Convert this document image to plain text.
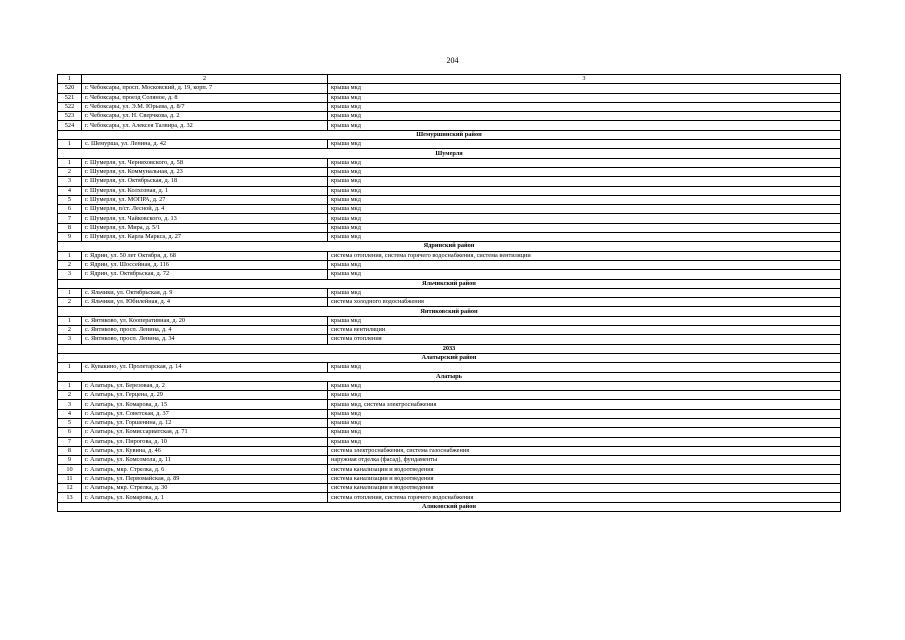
204
1	2	3
520	г. Чебоксары, просп. Московский, д. 19, корп. 7	крыша мкд
521	г. Чебоксары, проезд Соляное, д. 8	крыша мкд
522	г. Чебоксары, ул. Э.М. Юрьева, д. 8/7	крыша мкд
523	г. Чебоксары, ул. Н. Сверчкова, д. 2	крыша мкд
524	г. Чебоксары, ул. Алексея Талвира, д. 32	крыша мкд
Шемуршинский район		
1	с. Шемурша, ул. Ленина, д. 42	крыша мкд
Шумерля		
1	г. Шумерля, ул. Черняховского, д. 58	крыша мкд
2	г. Шумерля, ул. Коммунальная, д. 23	крыша мкд
3	г. Шумерля, ул. Октябрьская, д. 18	крыша мкд
4	г. Шумерля, ул. Колхозная, д. 1	крыша мкд
5	г. Шумерля, ул. МОПРА, д. 27	крыша мкд
6	г. Шумерля, п/ст. Лесной, д. 4	крыша мкд
7	г. Шумерля, ул. Чайковского, д. 13	крыша мкд
8	г. Шумерля, ул. Мира, д. 5/1	крыша мкд
9	г. Шумерля, ул. Карла Маркса, д. 27	крыша мкд
Ядринский район		
1	г. Ядрин, ул. 50 лет Октября, д. 68	система отопления, система горячего водоснабжения, система вентиляции
2	г. Ядрин, ул. Шоссейная, д. 116	крыша мкд
3	г. Ядрин, ул. Октябрьская, д. 72	крыша мкд
Яльчикский район		
1	с. Яльчики, ул. Октябрьская, д. 9	крыша мкд
2	с. Яльчики, ул. Юбилейная, д. 4	система холодного водоснабжения
Янтиковский район		
1	с. Янтиково, ул. Кооперативная, д. 20	крыша мкд
2	с. Янтиково, просп. Ленина, д. 4	система вентиляции
3	с. Янтиково, просп. Ленина, д. 34	система отопления
2033		
Алатырский район		
1	с. Кувакино, ул. Пролетарская, д. 14	крыша мкд
Алатырь		
1	г. Алатырь, ул. Березовая, д. 2	крыша мкд
2	г. Алатырь, ул. Герцена, д. 29	крыша мкд
3	г. Алатырь, ул. Комарова, д. 15	крыша мкд, система электроснабжения
4	г. Алатырь, ул. Советская, д. 37	крыша мкд
5	г. Алатырь, ул. Горшенина, д. 12	крыша мкд
6	г. Алатырь, ул. Комиссариатская, д. 71	крыша мкд
7	г. Алатырь, ул. Пирогова, д. 10	крыша мкд
8	г. Алатырь, ул. Кувина, д. 46	система электроснабжения, система газоснабжения
9	г. Алатырь, ул. Комсомола, д. 11	наружная отделка (фасад), фундаменты
10	г. Алатырь, мкр. Стрелка, д. 6	система канализации и водоотведения
11	г. Алатырь, ул. Первомайская, д. 89	система канализации и водоотведения
12	г. Алатырь, мкр. Стрелка, д. 30	система канализации и водоотведения
13	г. Алатырь, ул. Комарова, д. 1	система отопления, система горячего водоснабжения
Аликовский район		
